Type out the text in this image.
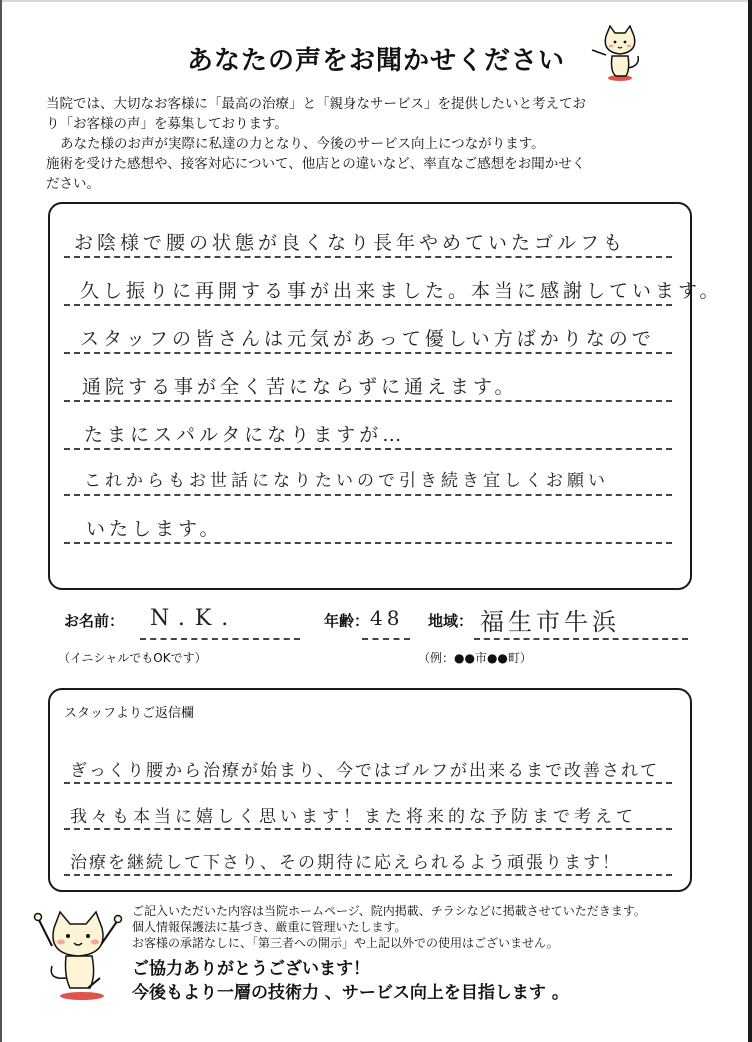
あなたの声をお聞かせください

当院では、大切なお客様に「最高の治療」と「親身なサービス」を提供したいと考えてお

り「お客様の声」を募集しております。

あなた様のお声が実際に私達の力となり、今後のサービス向上につながります。

施術を受けた感想や、接客対応について、他店との違いなど、率直なご感想をお聞かせく

ださい。

お陰様で腰の状態が良くなり長年やめていたゴルフも
久し振りに再開する事が出来ました。本当に感謝しています。
スタッフの皆さんは元気があって優しい方ばかりなので
通院する事が全く苦にならずに通えます。
たまにスパルタになりますが…
これからもお世話になりたいので引き続き宜しくお願い
いたします。
お名前： N.K.	年齢： 48 地域： 福生市牛浜
（イニシャルでもOKです）	（例：●●市●●町）
スタッフよりご返信欄
ぎっくり腰から治療が始まり、今ではゴルフが出来るまで改善されて
我々も本当に嬉しく思います！また将来的な予防まで考えて
治療を継続して下さり、その期待に応えられるよう頑張ります！

ご記入いただいた内容は当院ホームページ、院内掲載、チラシなどに掲載させていただきます。

個人情報保護法に基づき、厳重に管理いたします。

お客様の承諾なしに、「第三者への開示」や上記以外での使用はございません。

ご協力ありがとうございます！

今後もより一層の技術力 、サービス向上を目指します 。
